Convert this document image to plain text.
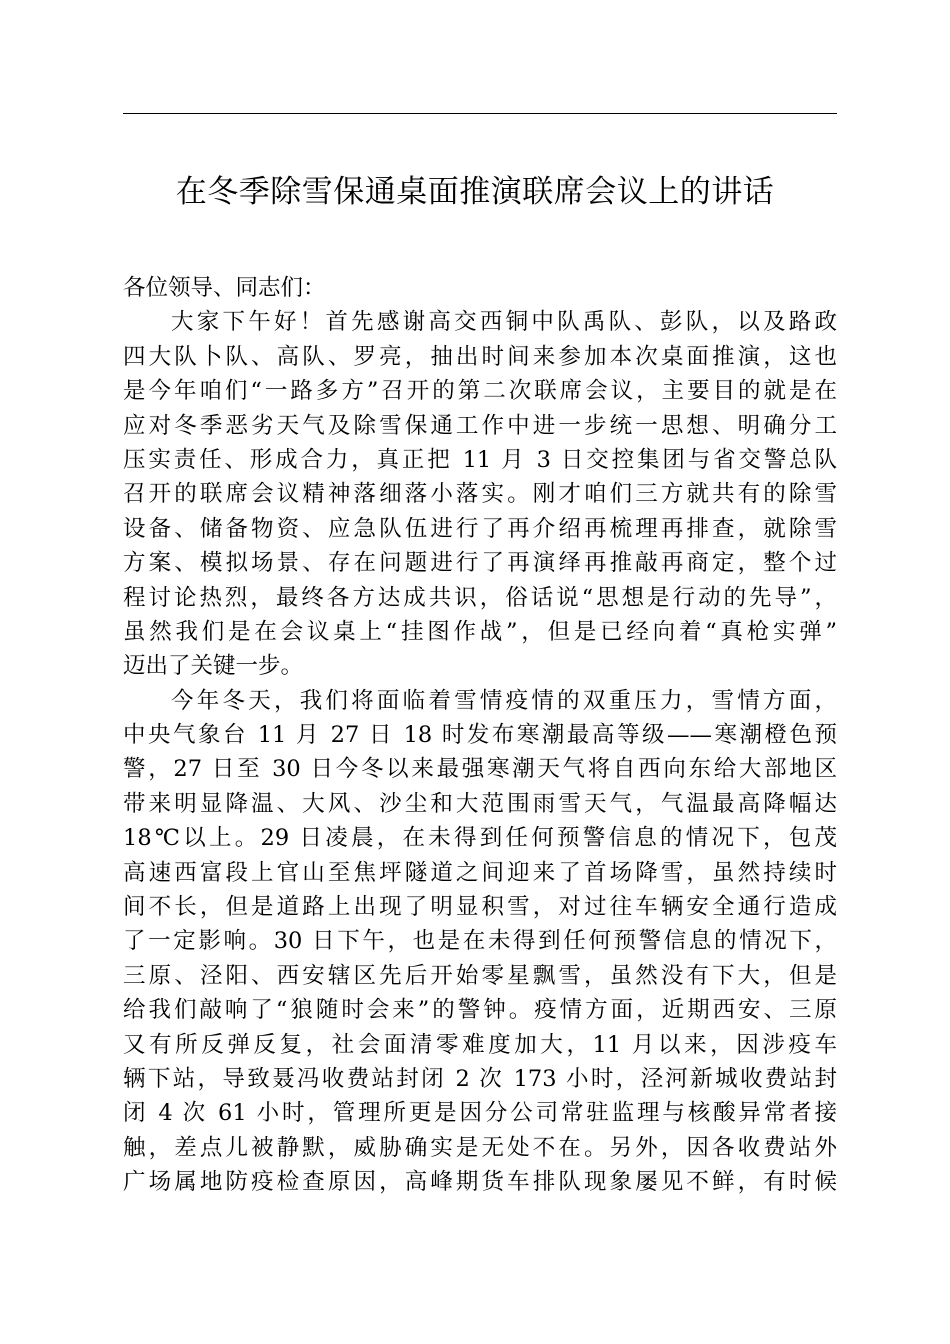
在冬季除雪保通桌面推演联席会议上的讲话

各位领导、同志们：

大家下午好！首先感谢高交西铜中队禹队、彭队，以及路政
四大队卜队、高队、罗亮，抽出时间来参加本次桌面推演，这也
是今年咱们“一路多方”召开的第二次联席会议，主要目的就是在
应对冬季恶劣天气及除雪保通工作中进一步统一思想、明确分工
压实责任、形成合力，真正把 11 月 3 日交控集团与省交警总队
召开的联席会议精神落细落小落实。刚才咱们三方就共有的除雪
设备、储备物资、应急队伍进行了再介绍再梳理再排查，就除雪
方案、模拟场景、存在问题进行了再演绎再推敲再商定，整个过
程讨论热烈，最终各方达成共识，俗话说“思想是行动的先导”，
虽然我们是在会议桌上“挂图作战”，但是已经向着“真枪实弹”
迈出了关键一步。
今年冬天，我们将面临着雪情疫情的双重压力，雪情方面，
中央气象台 11 月 27 日 18 时发布寒潮最高等级——寒潮橙色预
警，27 日至 30 日今冬以来最强寒潮天气将自西向东给大部地区
带来明显降温、大风、沙尘和大范围雨雪天气，气温最高降幅达
18℃以上。29 日凌晨，在未得到任何预警信息的情况下，包茂
高速西富段上官山至焦坪隧道之间迎来了首场降雪，虽然持续时
间不长，但是道路上出现了明显积雪，对过往车辆安全通行造成
了一定影响。30 日下午，也是在未得到任何预警信息的情况下，
三原、泾阳、西安辖区先后开始零星飘雪，虽然没有下大，但是
给我们敲响了“狼随时会来”的警钟。疫情方面，近期西安、三原
又有所反弹反复，社会面清零难度加大，11 月以来，因涉疫车
辆下站，导致聂冯收费站封闭 2 次 173 小时，泾河新城收费站封
闭 4 次 61 小时，管理所更是因分公司常驻监理与核酸异常者接
触，差点儿被静默，威胁确实是无处不在。另外，因各收费站外
广场属地防疫检查原因，高峰期货车排队现象屡见不鲜，有时候
